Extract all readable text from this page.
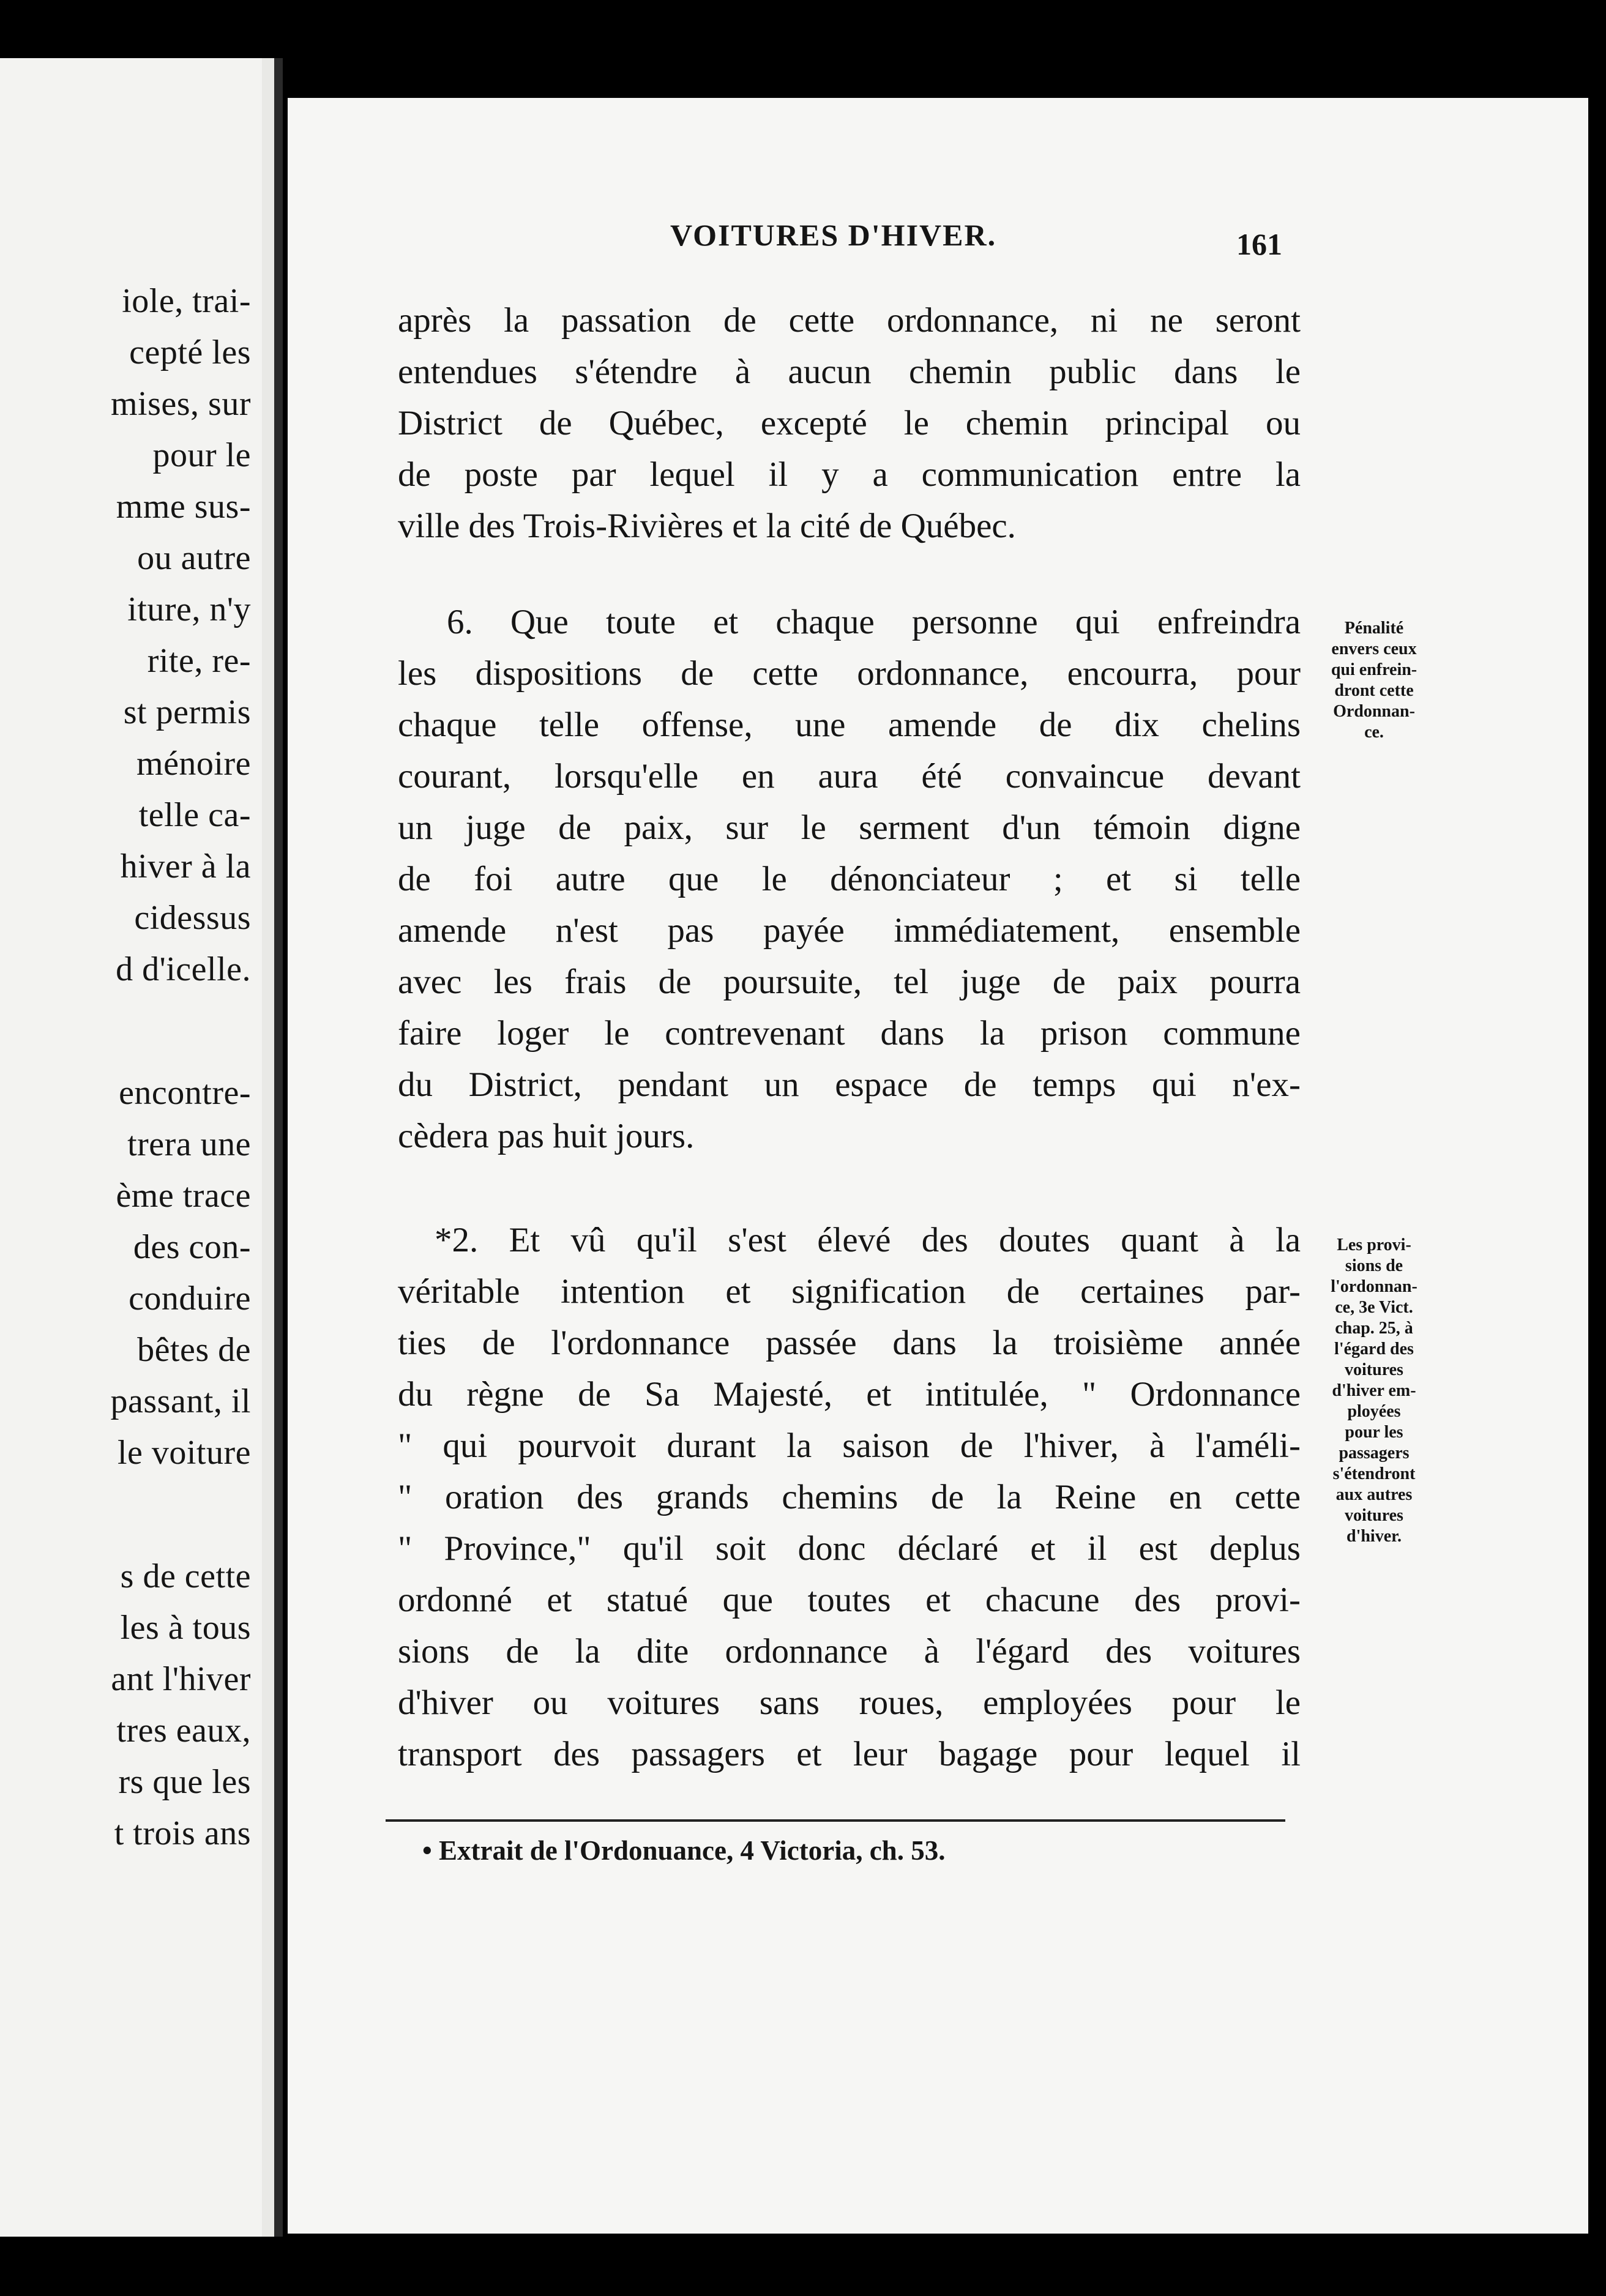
iole, trai-
cepté les
mises, sur
pour le
mme sus-
ou autre
iture, n'y
rite, re-
st permis
ménoire
telle ca-
hiver à la
cidessus
d d'icelle.
encontre-
trera une
ème trace
des con-
conduire
bêtes de
passant, il
le voiture
s de cette
les à tous
ant l'hiver
tres eaux,
rs que les
t trois ans
VOITURES D'HIVER.	161
après la passation de cette ordonnance, ni ne seront
entendues s'étendre à aucun chemin public dans le
District de Québec, excepté le chemin principal ou
de poste par lequel il y a communication entre la
ville des Trois-Rivières et la cité de Québec.
6. Que toute et chaque personne qui enfreindra
les dispositions de cette ordonnance, encourra, pour
chaque telle offense, une amende de dix chelins
courant, lorsqu'elle en aura été convaincue devant
un juge de paix, sur le serment d'un témoin digne
de foi autre que le dénonciateur ; et si telle
amende n'est pas payée immédiatement, ensemble
avec les frais de poursuite, tel juge de paix pourra
faire loger le contrevenant dans la prison commune
du District, pendant un espace de temps qui n'ex-
cèdera pas huit jours.
Pénalité
envers ceux
qui enfrein-
dront cette
Ordonnan-
ce.
*2. Et vû qu'il s'est élevé des doutes quant à la
véritable intention et signification de certaines par-
ties de l'ordonnance passée dans la troisième année
du règne de Sa Majesté, et intitulée, " Ordonnance
" qui pourvoit durant la saison de l'hiver, à l'améli-
" oration des grands chemins de la Reine en cette
" Province," qu'il soit donc déclaré et il est deplus
ordonné et statué que toutes et chacune des provi-
sions de la dite ordonnance à l'égard des voitures
d'hiver ou voitures sans roues, employées pour le
transport des passagers et leur bagage pour lequel il
Les provi-
sions de
l'ordonnan-
ce, 3e Vict.
chap. 25, à
l'égard des
voitures
d'hiver em-
ployées
pour les
passagers
s'étendront
aux autres
voitures
d'hiver.
• Extrait de l'Ordonuance, 4 Victoria, ch. 53.
